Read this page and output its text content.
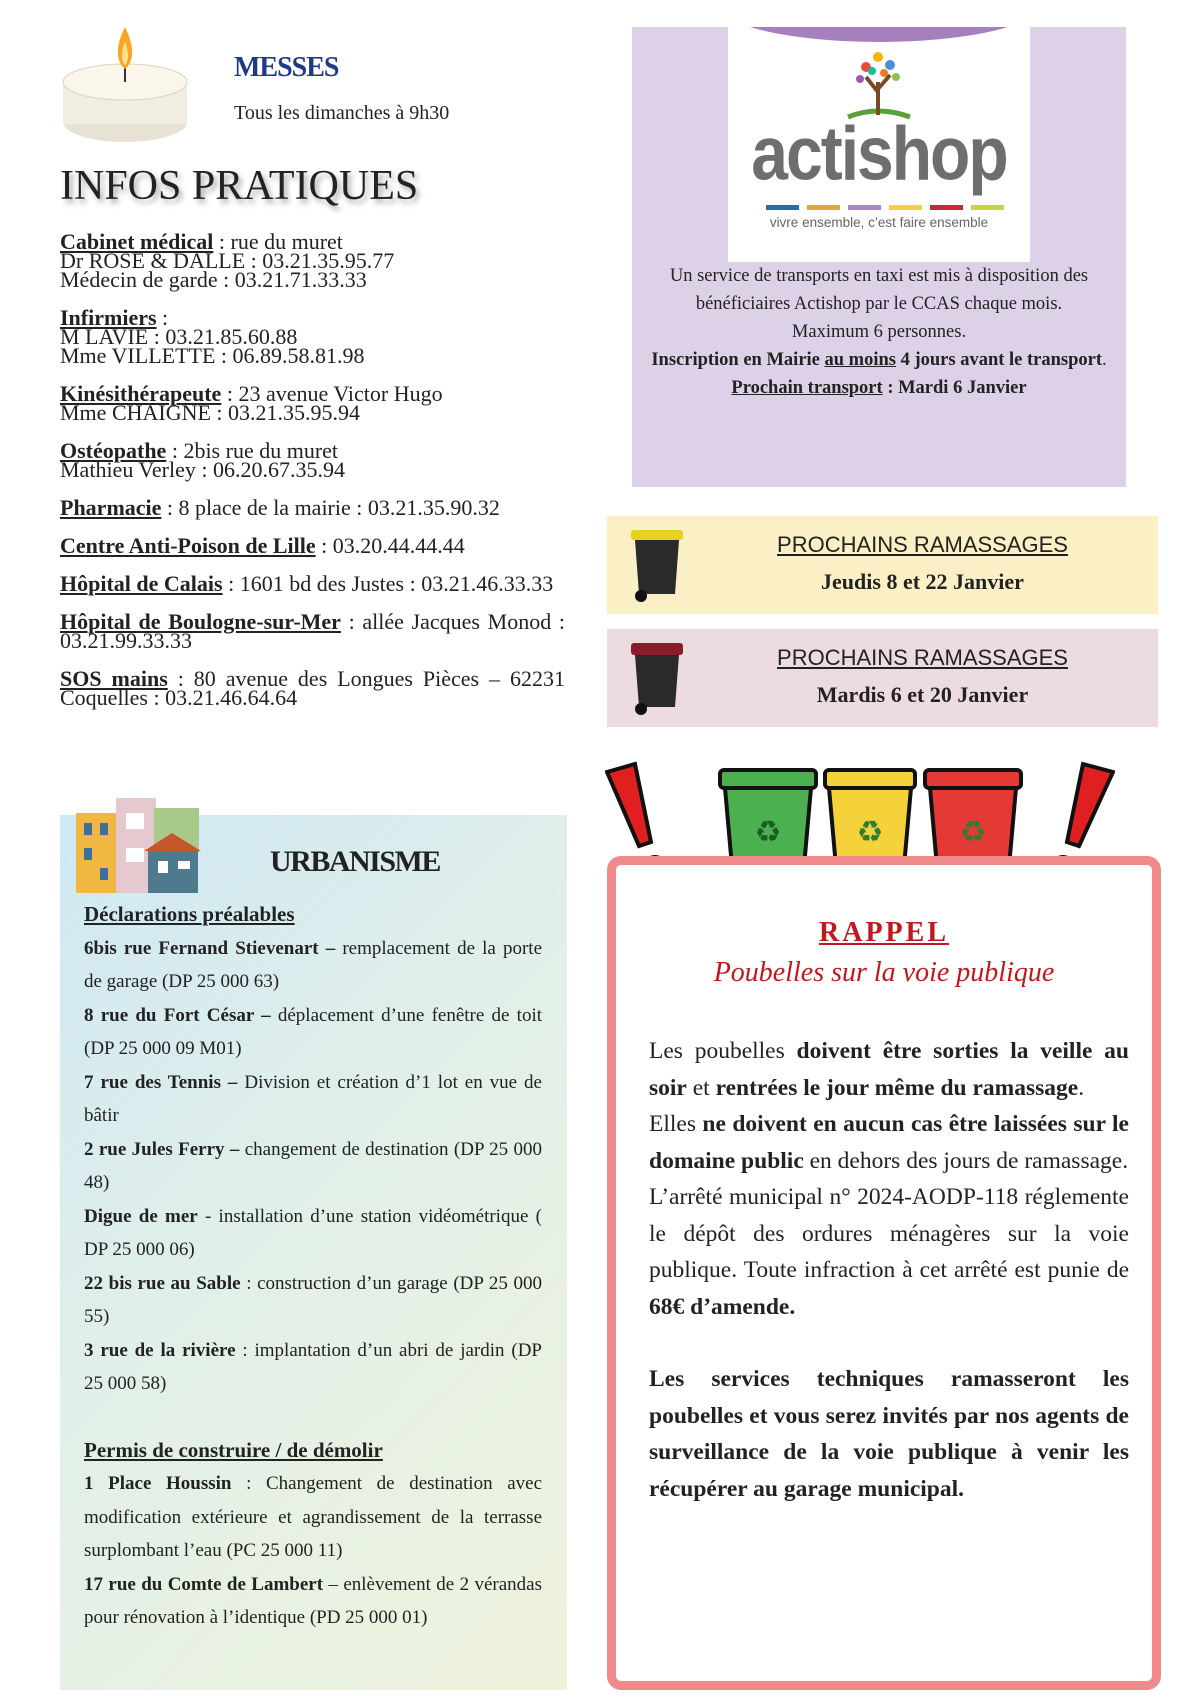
MESSES
Tous les dimanches à 9h30
INFOS PRATIQUES
Cabinet médical : rue du muret
Dr ROSE & DALLE : 03.21.35.95.77
Médecin de garde : 03.21.71.33.33
Infirmiers :
M LAVIE : 03.21.85.60.88
Mme VILLETTE : 06.89.58.81.98
Kinésithérapeute : 23 avenue Victor Hugo
Mme CHAIGNE : 03.21.35.95.94
Ostéopathe : 2bis rue du muret
Mathieu Verley : 06.20.67.35.94
Pharmacie : 8 place de la mairie : 03.21.35.90.32
Centre Anti-Poison de Lille : 03.20.44.44.44
Hôpital de Calais : 1601 bd des Justes : 03.21.46.33.33
Hôpital de Boulogne-sur-Mer : allée Jacques Monod : 03.21.99.33.33
SOS mains : 80 avenue des Longues Pièces – 62231 Coquelles : 03.21.46.64.64
URBANISME
Déclarations préalables
6bis rue Fernand Stievenart – remplacement de la porte de garage (DP 25 000 63)
8 rue du Fort César – déplacement d’une fenêtre de toit (DP 25 000 09 M01)
7 rue des Tennis – Division et création d’1 lot en vue de bâtir
2 rue Jules Ferry – changement de destination (DP 25 000 48)
Digue de mer - installation d’une station vidéométrique ( DP 25 000 06)
22 bis rue au Sable : construction d’un garage (DP 25 000 55)
3 rue de la rivière : implantation d’un abri de jardin (DP 25 000 58)
Permis de construire / de démolir
1 Place Houssin : Changement de destination avec modification extérieure et agrandissement de la terrasse surplombant l’eau (PC 25 000 11)
17 rue du Comte de Lambert – enlèvement de 2 vérandas pour rénovation à l’identique (PD 25 000 01)
actishop
vivre ensemble, c’est faire ensemble
Un service de transports en taxi est mis à disposition des bénéficiaires Actishop par le CCAS chaque mois.
Maximum 6 personnes.
Inscription en Mairie au moins 4 jours avant le transport.
Prochain transport : Mardi 6 Janvier
PROCHAINS RAMASSAGES
Jeudis 8 et 22 Janvier
PROCHAINS RAMASSAGES
Mardis 6 et 20 Janvier
♻	♻	♻
RAPPEL
Poubelles sur la voie publique
Les poubelles doivent être sorties la veille au soir et rentrées le jour même du ramassage.
Elles ne doivent en aucun cas être laissées sur le domaine public en dehors des jours de ramassage.
L’arrêté municipal n° 2024-AODP-118 réglemente le dépôt des ordures ménagères sur la voie publique. Toute infraction à cet arrêté est punie de 68€ d’amende.
Les services techniques ramasseront les poubelles et vous serez invités par nos agents de surveillance de la voie publique à venir les récupérer au garage municipal.
